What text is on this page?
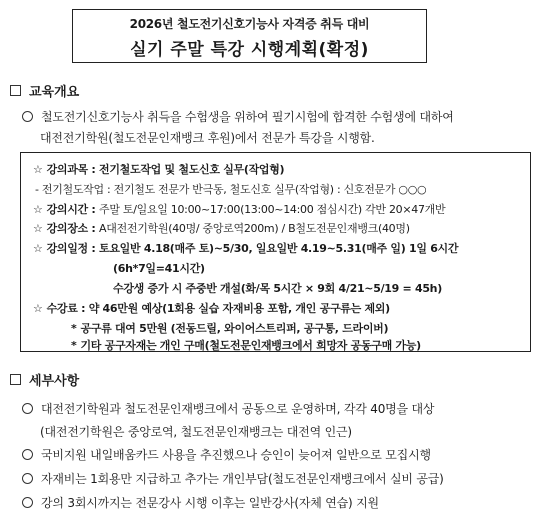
2026년 철도전기신호기능사 자격증 취득 대비
실기 주말 특강 시행계획(확정)
교육개요
철도전기신호기능사 취득을 수험생을 위하여 필기시험에 합격한 수험생에 대하여
대전전기학원(철도전문인재뱅크 후원)에서 전문가 특강을 시행함.
☆ 강의과목 : 전기철도작업 및 철도신호 실무(작업형)
- 전기철도작업 : 전기철도 전문가 반극동, 철도신호 실무(작업형) : 신호전문가 ○○○
☆ 강의시간 : 주말 토/일요일 10:00~17:00(13:00~14:00 점심시간) 각반 20×47개반
☆ 강의장소 : A대전전기학원(40명/ 중앙로역200m) / B철도전문인재뱅크(40명)
☆ 강의일정 : 토요일반 4.18(매주 토)~5/30, 일요일반 4.19~5.31(매주 일) 1일 6시간
(6h*7일=41시간)
수강생 증가 시 주중반 개설(화/목 5시간 × 9회 4/21~5/19 = 45h)
☆ 수강료 : 약 46만원 예상(1회용 실습 자재비용 포함, 개인 공구류는 제외)
* 공구류 대여 5만원 (전동드릴, 와이어스트리퍼, 공구통, 드라이버)
* 기타 공구자재는 개인 구매(철도전문인재뱅크에서 희망자 공동구매 가능)
세부사항
대전전기학원과 철도전문인재뱅크에서 공동으로 운영하며, 각각 40명을 대상
(대전전기학원은 중앙로역, 철도전문인재뱅크는 대전역 인근)
국비지원 내일배움카드 사용을 추진했으나 승인이 늦어져 일반으로 모집시행
자재비는 1회용만 지급하고 추가는 개인부담(철도전문인재뱅크에서 실비 공급)
강의 3회시까지는 전문강사 시행 이후는 일반강사(자체 연습) 지원
